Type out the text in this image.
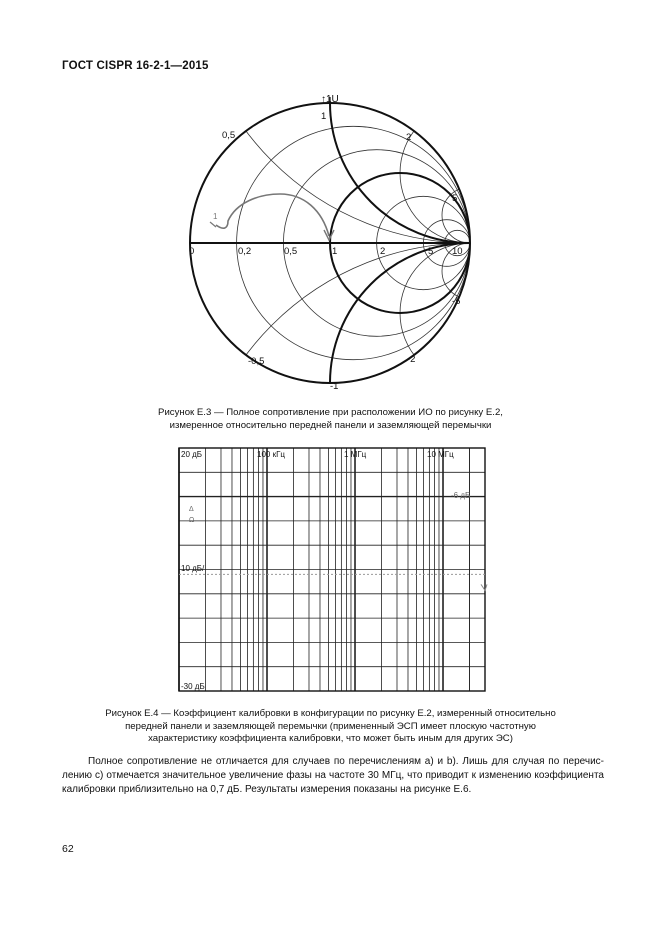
ГОСТ CISPR 16-2-1—2015
1
↑1U
0	0,2	0,5	1	2	5 10
1
0,5	2
5
-1
-0,5	-2
-5
Рисунок Е.3 — Полное сопротивление при расположении ИО по рисунку Е.2,
измеренное относительно передней панели и заземляющей перемычки
100 кГц	1 МГц	10 МГц
20 дБ
10 дБ/
-30 дБ
-6 дБ
Δ
Ω
Рисунок Е.4 — Коэффициент калибровки в конфигурации по рисунку Е.2, измеренный относительно
передней панели и заземляющей перемычки (примененный ЭСП имеет плоскую частотную
характеристику коэффициента калибровки, что может быть иным для других ЭС)
Полное сопротивление не отличается для случаев по перечислениям а) и b). Лишь для случая по перечис-
лению с) отмечается значительное увеличение фазы на частоте 30 МГц, что приводит к изменению коэффициента
калибровки приблизительно на 0,7 дБ. Результаты измерения показаны на рисунке Е.6.
62
